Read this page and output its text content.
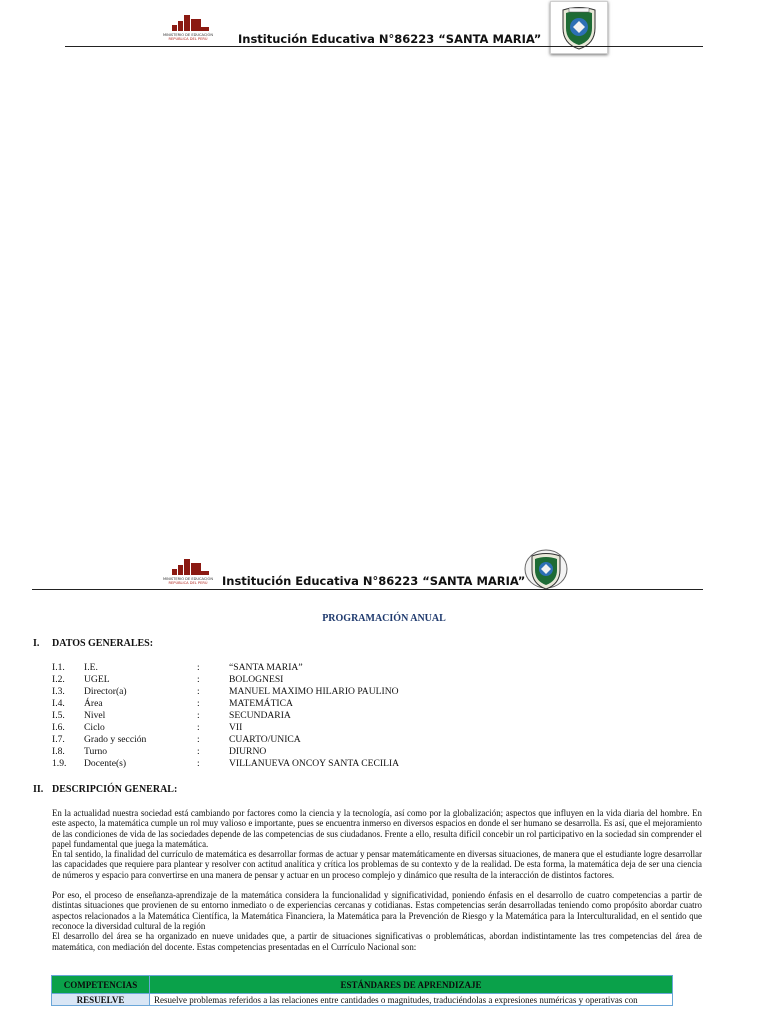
MINISTERIO DE EDUCACIÓN
REPÚBLICA DEL PERÚ	Institución Educativa N°86223 “SANTA MARIA”
MINISTERIO DE EDUCACIÓN
REPÚBLICA DEL PERÚ	Institución Educativa N°86223 “SANTA MARIA”
PROGRAMACIÓN ANUAL
I. DATOS GENERALES:
I.1. I.E.	:	“SANTA MARIA”
I.2. UGEL	:	BOLOGNESI
I.3. Director(a)	:	MANUEL MAXIMO HILARIO PAULINO
I.4. Área	:	MATEMÁTICA
I.5. Nivel	:	SECUNDARIA
I.6. Ciclo	:	VII
I.7. Grado y sección	:	CUARTO/UNICA
I.8. Turno	:	DIURNO
1.9. Docente(s)	:	VILLANUEVA ONCOY SANTA CECILIA
II. DESCRIPCIÓN GENERAL:

En la actualidad nuestra sociedad está cambiando por factores como la ciencia y la tecnología, así como por la globalización; aspectos que influyen en la vida diaria del hombre. En este aspecto, la matemática cumple un rol muy valioso e importante, pues se encuentra inmerso en diversos espacios en donde el ser humano se desarrolla. Es así, que el mejoramiento de las condiciones de vida de las sociedades depende de las competencias de sus ciudadanos. Frente a ello, resulta difícil concebir un rol participativo en la sociedad sin comprender el papel fundamental que juega la matemática.

En tal sentido, la finalidad del currículo de matemática es desarrollar formas de actuar y pensar matemáticamente en diversas situaciones, de manera que el estudiante logre desarrollar las capacidades que requiere para plantear y resolver con actitud analítica y crítica los problemas de su contexto y de la realidad. De esta forma, la matemática deja de ser una ciencia de números y espacio para convertirse en una manera de pensar y actuar en un proceso complejo y dinámico que resulta de la interacción de distintos factores.

Por eso, el proceso de enseñanza-aprendizaje de la matemática considera la funcionalidad y significatividad, poniendo énfasis en el desarrollo de cuatro competencias a partir de distintas situaciones que provienen de su entorno inmediato o de experiencias cercanas y cotidianas. Estas competencias serán desarrolladas teniendo como propósito abordar cuatro aspectos relacionados a la Matemática Científica, la Matemática Financiera, la Matemática para la Prevención de Riesgo y la Matemática para la Interculturalidad, en el sentido que reconoce la diversidad cultural de la región

El desarrollo del área se ha organizado en nueve unidades que, a partir de situaciones significativas o problemáticas, abordan indistintamente las tres competencias del área de matemática, con mediación del docente. Estas competencias presentadas en el Currículo Nacional son:

COMPETENCIAS	ESTÁNDARES DE APRENDIZAJE
RESUELVE	Resuelve problemas referidos a las relaciones entre cantidades o magnitudes, traduciéndolas a expresiones numéricas y operativas con
